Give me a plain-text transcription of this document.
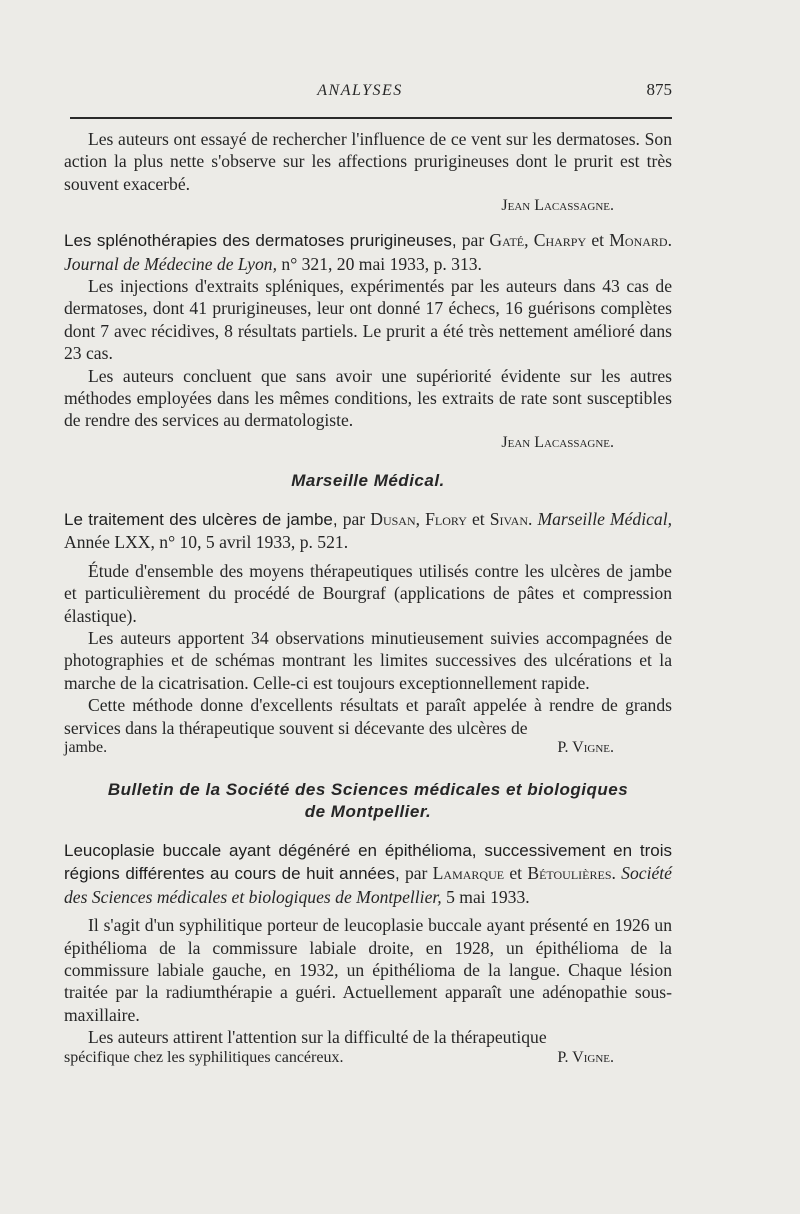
ANALYSES	875

Les auteurs ont essayé de rechercher l'influence de ce vent sur les dermatoses. Son action la plus nette s'observe sur les affections prurigineuses dont le prurit est très souvent exacerbé.

Jean Lacassagne.
Les splénothérapies des dermatoses prurigineuses, par Gaté, Charpy et Monard. Journal de Médecine de Lyon, n° 321, 20 mai 1933, p. 313.

Les injections d'extraits spléniques, expérimentés par les auteurs dans 43 cas de dermatoses, dont 41 prurigineuses, leur ont donné 17 échecs, 16 guérisons complètes dont 7 avec récidives, 8 résultats partiels. Le prurit a été très nettement amélioré dans 23 cas.

Les auteurs concluent que sans avoir une supériorité évidente sur les autres méthodes employées dans les mêmes conditions, les extraits de rate sont susceptibles de rendre des services au dermatologiste.

Jean Lacassagne.
Marseille Médical.
Le traitement des ulcères de jambe, par Dusan, Flory et Sivan. Marseille Médical, Année LXX, n° 10, 5 avril 1933, p. 521.

Étude d'ensemble des moyens thérapeutiques utilisés contre les ulcères de jambe et particulièrement du procédé de Bourgraf (applications de pâtes et compression élastique).

Les auteurs apportent 34 observations minutieusement suivies accompagnées de photographies et de schémas montrant les limites successives des ulcérations et la marche de la cicatrisation. Celle-ci est toujours exceptionnellement rapide.

Cette méthode donne d'excellents résultats et paraît appelée à rendre de grands services dans la thérapeutique souvent si décevante des ulcères de

jambe.	P. Vigne.
Bulletin de la Société des Sciences médicales et biologiques
de Montpellier.
Leucoplasie buccale ayant dégénéré en épithélioma, successivement en trois régions différentes au cours de huit années, par Lamarque et Bétoulières. Société des Sciences médicales et biologiques de Montpellier, 5 mai 1933.

Il s'agit d'un syphilitique porteur de leucoplasie buccale ayant présenté en 1926 un épithélioma de la commissure labiale droite, en 1928, un épithélioma de la commissure labiale gauche, en 1932, un épithélioma de la langue. Chaque lésion traitée par la radiumthérapie a guéri. Actuellement apparaît une adénopathie sous-maxillaire.

Les auteurs attirent l'attention sur la difficulté de la thérapeutique

spécifique chez les syphilitiques cancéreux.	P. Vigne.
